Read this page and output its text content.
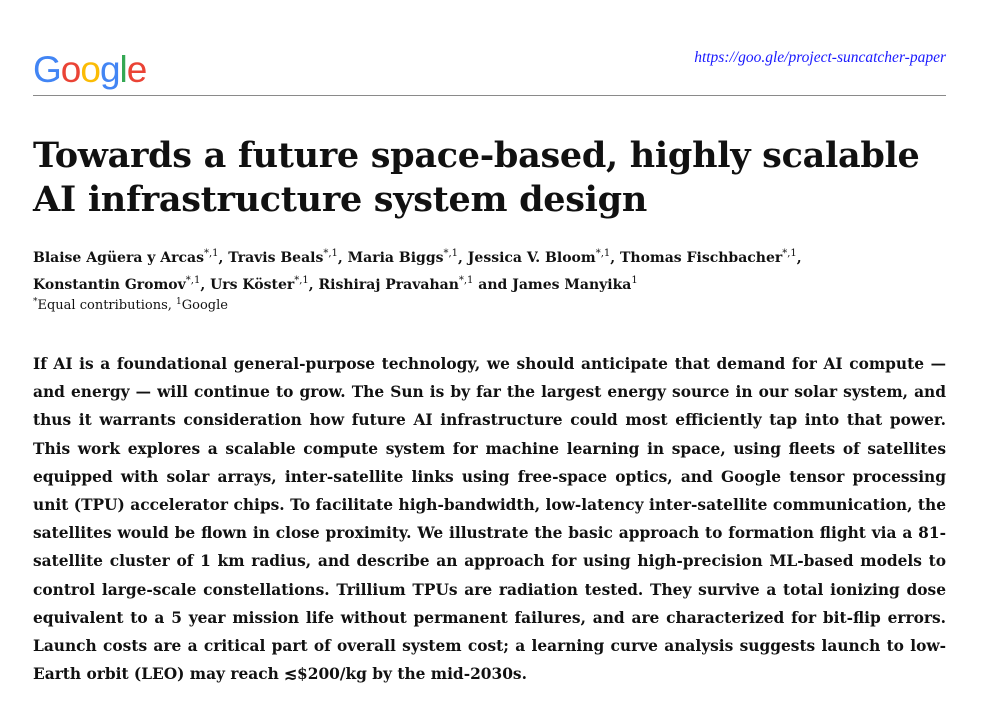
Google	https://goo.gle/project-suncatcher-paper
Towards a future space-based, highly scalable
AI infrastructure system design
Blaise Agüera y Arcas$^{*,1}$, Travis Beals$^{*,1}$, Maria Biggs$^{*,1}$, Jessica V. Bloom$^{*,1}$, Thomas Fischbacher$^{*,1}$,
Konstantin Gromov$^{*,1}$, Urs Köster$^{*,1}$, Rishiraj Pravahan$^{*,1}$ and James Manyika$^1$
*Equal contributions, $^1$Google

If AI is a foundational general-purpose technology, we should anticipate that demand for AI compute — and energy — will continue to grow. The Sun is by far the largest energy source in our solar system, and thus it warrants consideration how future AI infrastructure could most efficiently tap into that power. This work explores a scalable compute system for machine learning in space, using fleets of satellites equipped with solar arrays, inter-satellite links using free-space optics, and Google tensor processing unit (TPU) accelerator chips. To facilitate high-bandwidth, low-latency inter-satellite communication, the satellites would be flown in close proximity. We illustrate the basic approach to formation flight via a 81-satellite cluster of 1 km radius, and describe an approach for using high-precision ML-based models to control large-scale constellations. Trillium TPUs are radiation tested. They survive a total ionizing dose equivalent to a 5 year mission life without permanent failures, and are characterized for bit-flip errors. Launch costs are a critical part of overall system cost; a learning curve analysis suggests launch to low-Earth orbit (LEO) may reach ≲$200/kg by the mid-2030s.
